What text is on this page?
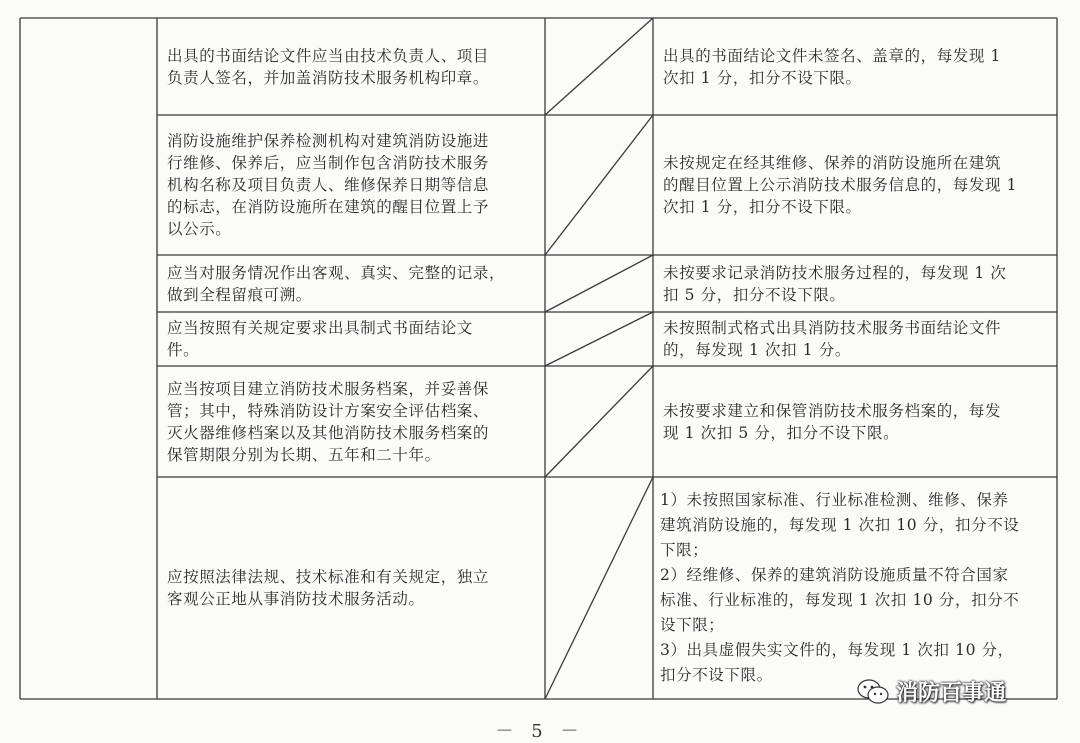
出具的书面结论文件应当由技术负责人、项目
负责人签名，并加盖消防技术服务机构印章。
出具的书面结论文件未签名、盖章的，每发现 1
次扣 1 分，扣分不设下限。
消防设施维护保养检测机构对建筑消防设施进
行维修、保养后，应当制作包含消防技术服务
机构名称及项目负责人、维修保养日期等信息
的标志，在消防设施所在建筑的醒目位置上予
以公示。
未按规定在经其维修、保养的消防设施所在建筑
的醒目位置上公示消防技术服务信息的，每发现 1
次扣 1 分，扣分不设下限。
应当对服务情况作出客观、真实、完整的记录，
做到全程留痕可溯。
未按要求记录消防技术服务过程的，每发现 1 次
扣 5 分，扣分不设下限。
应当按照有关规定要求出具制式书面结论文
件。
未按照制式格式出具消防技术服务书面结论文件
的，每发现 1 次扣 1 分。
应当按项目建立消防技术服务档案，并妥善保
管；其中，特殊消防设计方案安全评估档案、
灭火器维修档案以及其他消防技术服务档案的
保管期限分别为长期、五年和二十年。
未按要求建立和保管消防技术服务档案的，每发
现 1 次扣 5 分，扣分不设下限。
应按照法律法规、技术标准和有关规定，独立
客观公正地从事消防技术服务活动。
1）未按照国家标准、行业标准检测、维修、保养
建筑消防设施的，每发现 1 次扣 10 分，扣分不设
下限；
2）经维修、保养的建筑消防设施质量不符合国家
标准、行业标准的，每发现 1 次扣 10 分，扣分不
设下限；
3）出具虚假失实文件的，每发现 1 次扣 10 分，
扣分不设下限。
－ 5 －
消防百事通
